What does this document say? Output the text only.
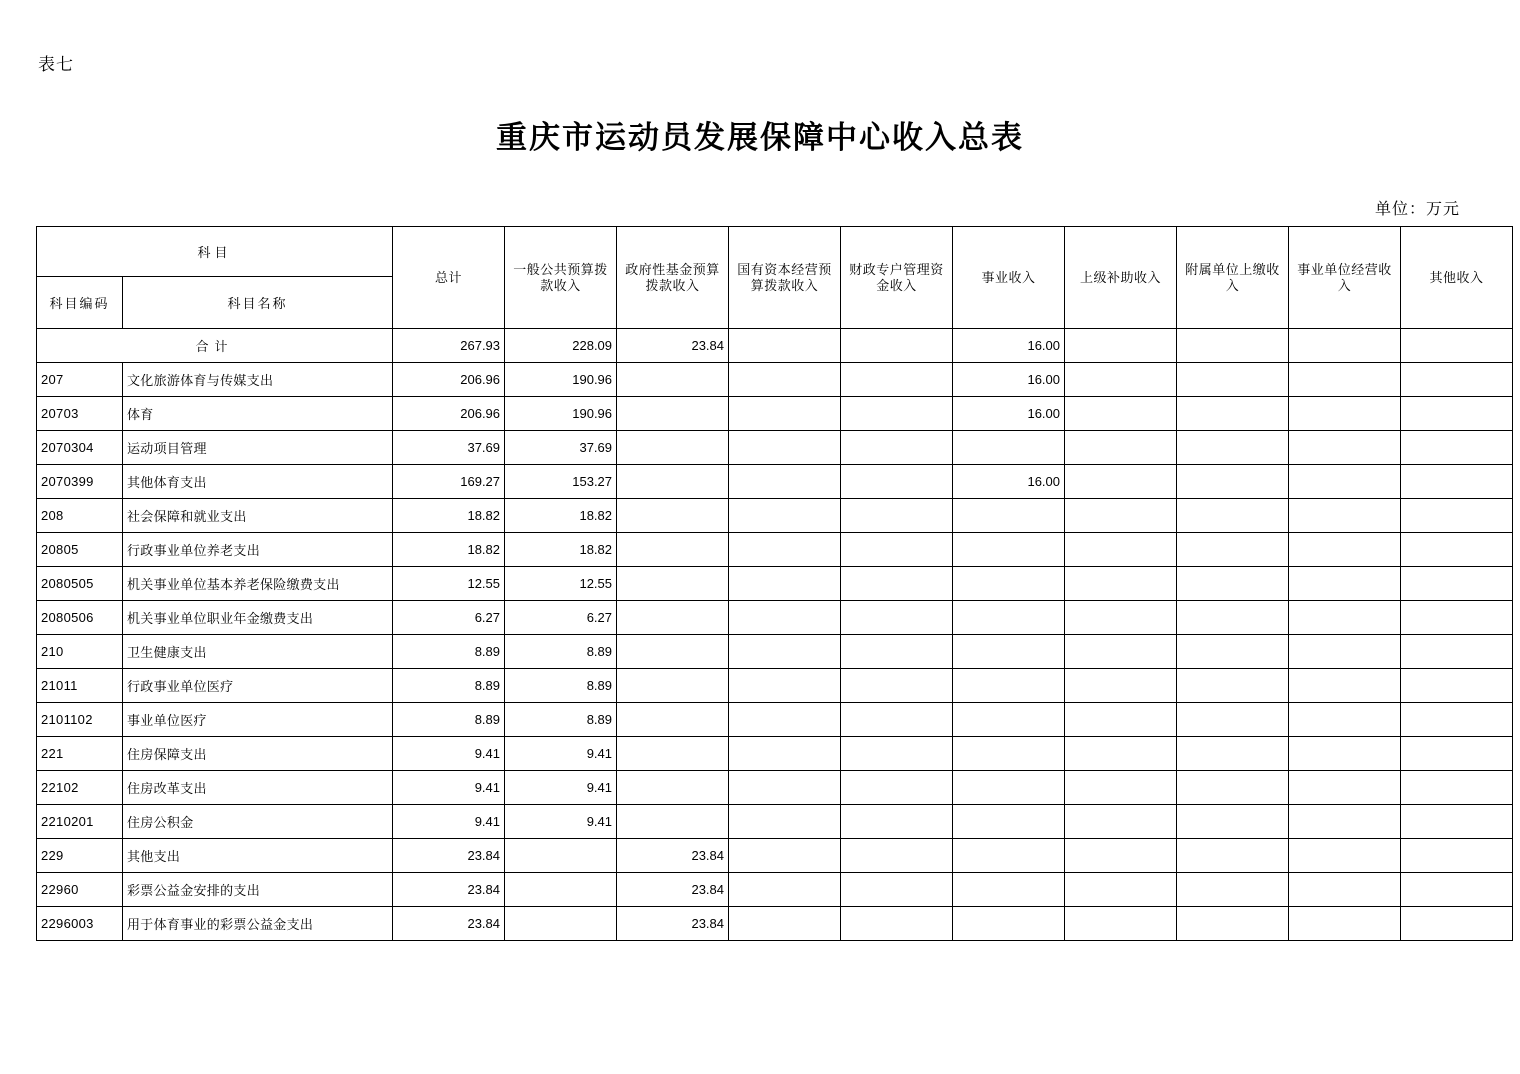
表七
重庆市运动员发展保障中心收入总表
单位：万元
科目		总计	一般公共预算拨款收入	政府性基金预算拨款收入	国有资本经营预算拨款收入	财政专户管理资金收入	事业收入	上级补助收入	附属单位上缴收入	事业单位经营收入	其他收入
科目编码	科目名称										
合计		267.93	228.09	23.84			16.00				
207	文化旅游体育与传媒支出	206.96	190.96				16.00				
20703	体育	206.96	190.96				16.00				
2070304	运动项目管理	37.69	37.69								
2070399	其他体育支出	169.27	153.27				16.00				
208	社会保障和就业支出	18.82	18.82								
20805	行政事业单位养老支出	18.82	18.82								
2080505	机关事业单位基本养老保险缴费支出	12.55	12.55								
2080506	机关事业单位职业年金缴费支出	6.27	6.27								
210	卫生健康支出	8.89	8.89								
21011	行政事业单位医疗	8.89	8.89								
2101102	事业单位医疗	8.89	8.89								
221	住房保障支出	9.41	9.41								
22102	住房改革支出	9.41	9.41								
2210201	住房公积金	9.41	9.41								
229	其他支出	23.84		23.84							
22960	彩票公益金安排的支出	23.84		23.84							
2296003	用于体育事业的彩票公益金支出	23.84		23.84							
